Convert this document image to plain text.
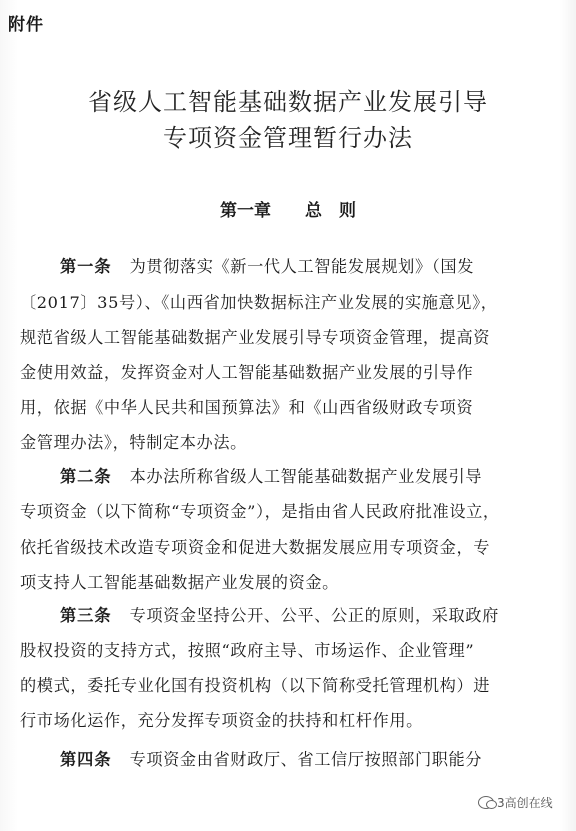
附件
省级人工智能基础数据产业发展引导
专项资金管理暂行办法
第一章 总　则
第一条 为贯彻落实《新一代人工智能发展规划》（国发
〔2017〕35号）、《山西省加快数据标注产业发展的实施意见》，
规范省级人工智能基础数据产业发展引导专项资金管理，提高资
金使用效益，发挥资金对人工智能基础数据产业发展的引导作
用，依据《中华人民共和国预算法》和《山西省级财政专项资
金管理办法》，特制定本办法。
第二条 本办法所称省级人工智能基础数据产业发展引导
专项资金（以下简称“专项资金”），是指由省人民政府批准设立，
依托省级技术改造专项资金和促进大数据发展应用专项资金，专
项支持人工智能基础数据产业发展的资金。
第三条 专项资金坚持公开、公平、公正的原则，采取政府
股权投资的支持方式，按照“政府主导、市场运作、企业管理”
的模式，委托专业化国有投资机构（以下简称受托管理机构）进
行市场化运作，充分发挥专项资金的扶持和杠杆作用。
第四条 专项资金由省财政厅、省工信厅按照部门职能分
3高创在线
